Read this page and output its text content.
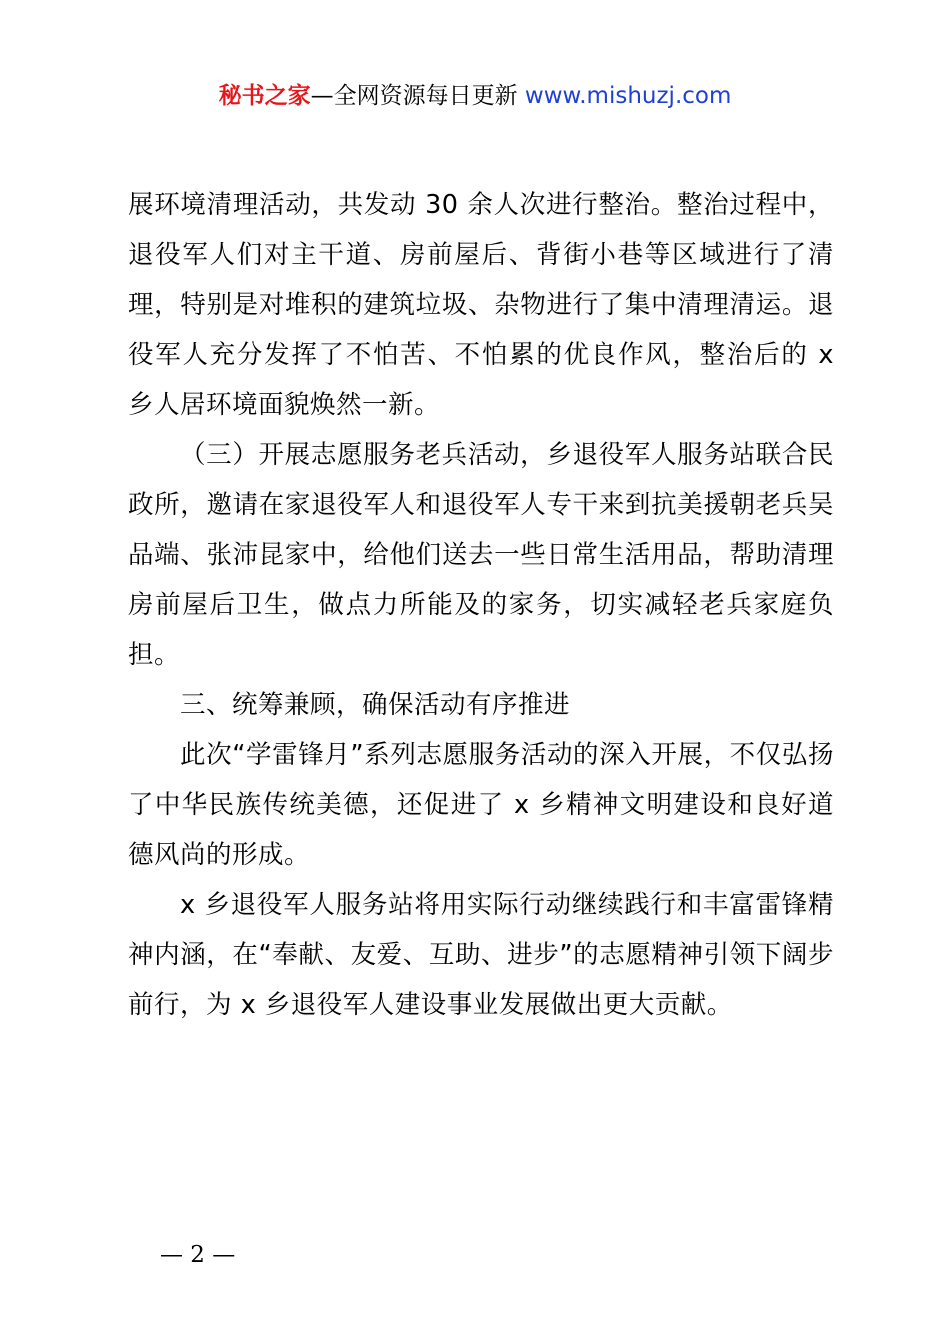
秘书之家—全网资源每日更新 www.mishuzj.com

展环境清理活动，共发动 30 余人次进行整治。整治过程中，退役军人们对主干道、房前屋后、背街小巷等区域进行了清理，特别是对堆积的建筑垃圾、杂物进行了集中清理清运。退役军人充分发挥了不怕苦、不怕累的优良作风，整治后的 x 乡人居环境面貌焕然一新。

（三）开展志愿服务老兵活动，乡退役军人服务站联合民政所，邀请在家退役军人和退役军人专干来到抗美援朝老兵吴品端、张沛昆家中，给他们送去一些日常生活用品，帮助清理房前屋后卫生，做点力所能及的家务，切实减轻老兵家庭负担。

三、统筹兼顾，确保活动有序推进

此次“学雷锋月”系列志愿服务活动的深入开展，不仅弘扬了中华民族传统美德，还促进了 x 乡精神文明建设和良好道德风尚的形成。

x 乡退役军人服务站将用实际行动继续践行和丰富雷锋精神内涵，在“奉献、友爱、互助、进步”的志愿精神引领下阔步前行，为 x 乡退役军人建设事业发展做出更大贡献。

— 2 —
